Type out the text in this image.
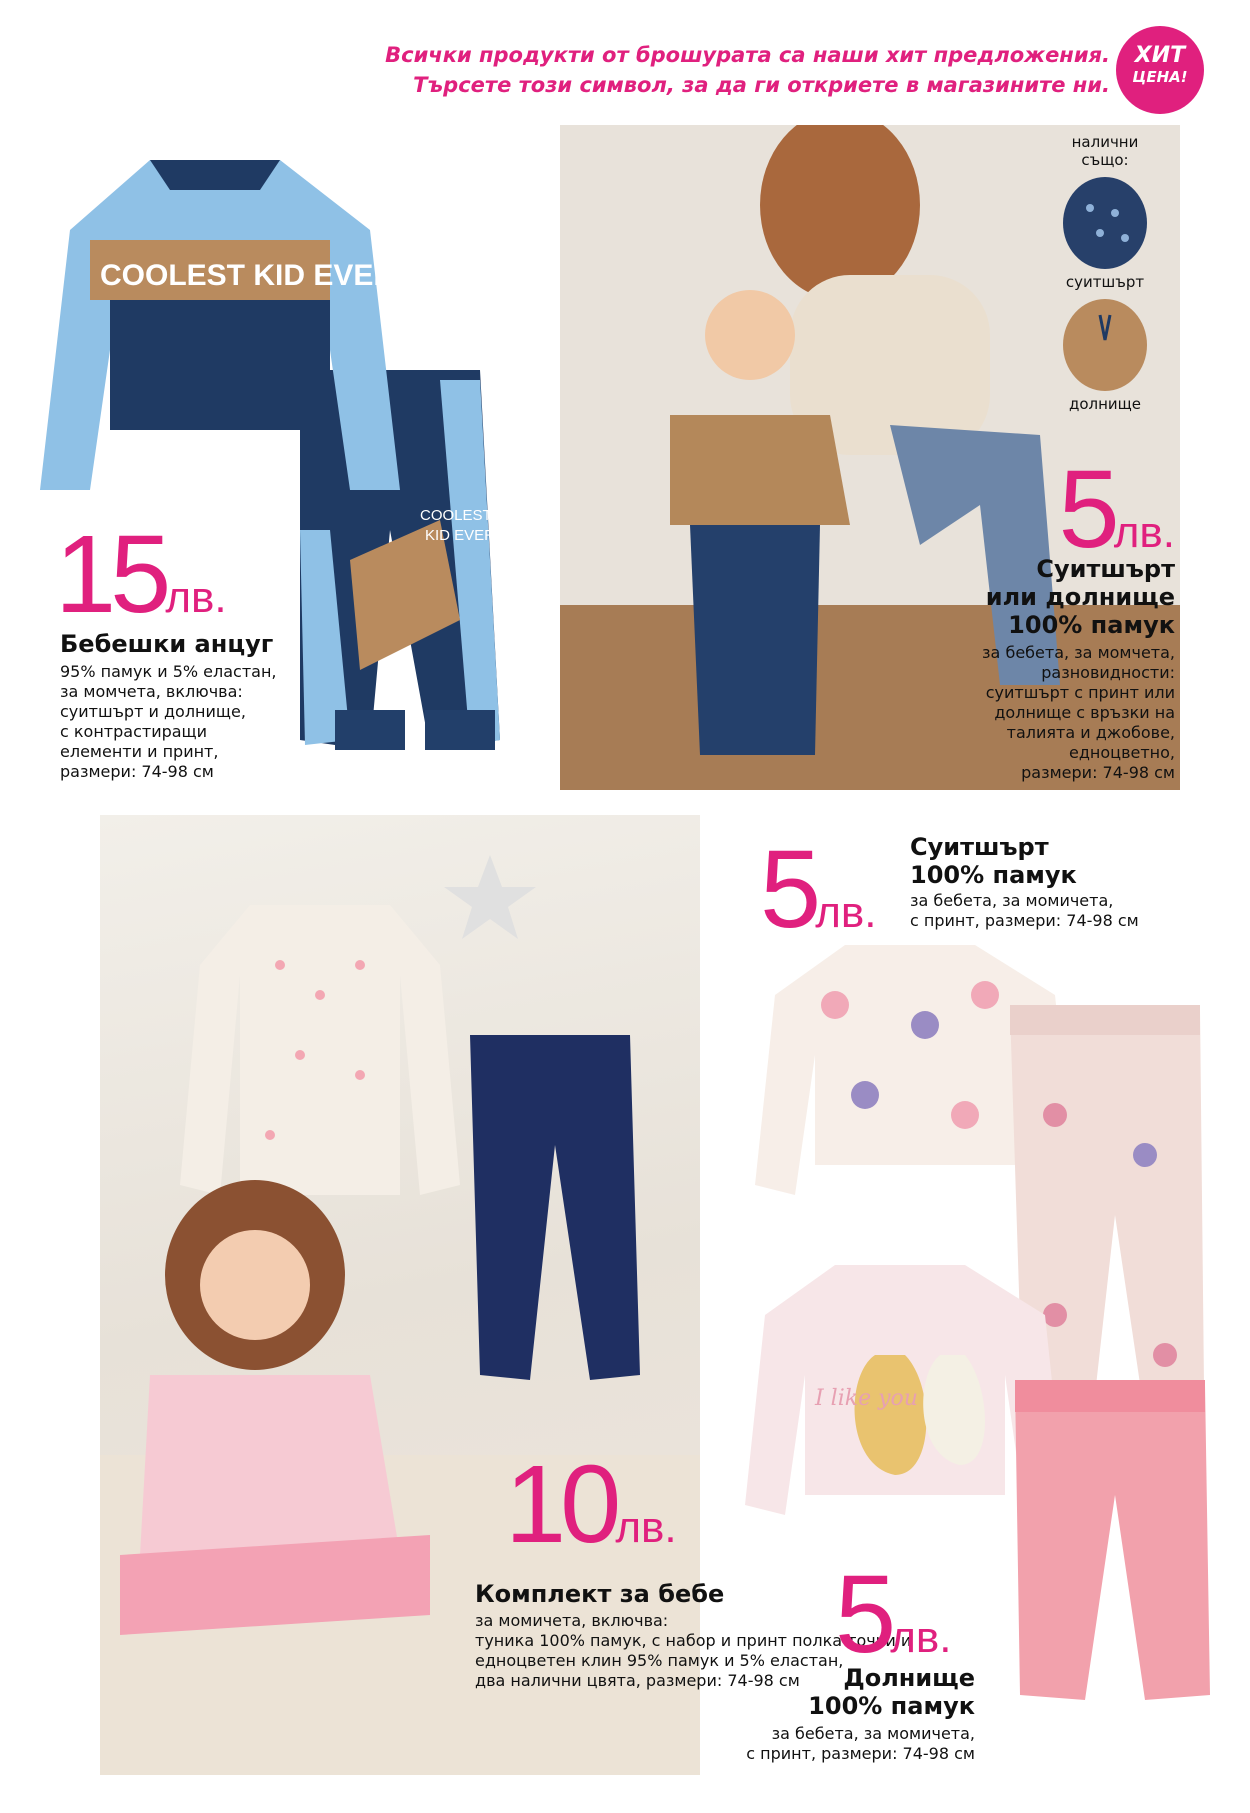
Всички продукти от брошурата са наши хит предложения.
Търсете този символ, за да ги откриете в магазините ни.
ХИТ
ЦЕНА!
COOLEST
KID EVER
COOLEST KID EVER
15лв.
Бебешки анцуг
95% памук и 5% еластан,
за момчета, включва:
суитшърт и долнище,
с контрастиращи
елементи и принт,
размери: 74-98 см
налични
също:
суитшърт
долнище
5лв.
Суитшърт
или долнище
100% памук
за бебета, за момчета,
разновидности:
суитшърт с принт или
долнище с връзки на
талията и джобове,
едноцветно,
размери: 74-98 см
10лв.
Комплект за бебе
за момичета, включва:
туника 100% памук, с набор и принт полка точки и
едноцветен клин 95% памук и 5% еластан,
два налични цвята, размери: 74-98 см
5лв.
Суитшърт
100% памук
за бебета, за момичета,
с принт, размери: 74-98 см
I like you
5лв.
Долнище
100% памук
за бебета, за момичета,
с принт, размери: 74-98 см
